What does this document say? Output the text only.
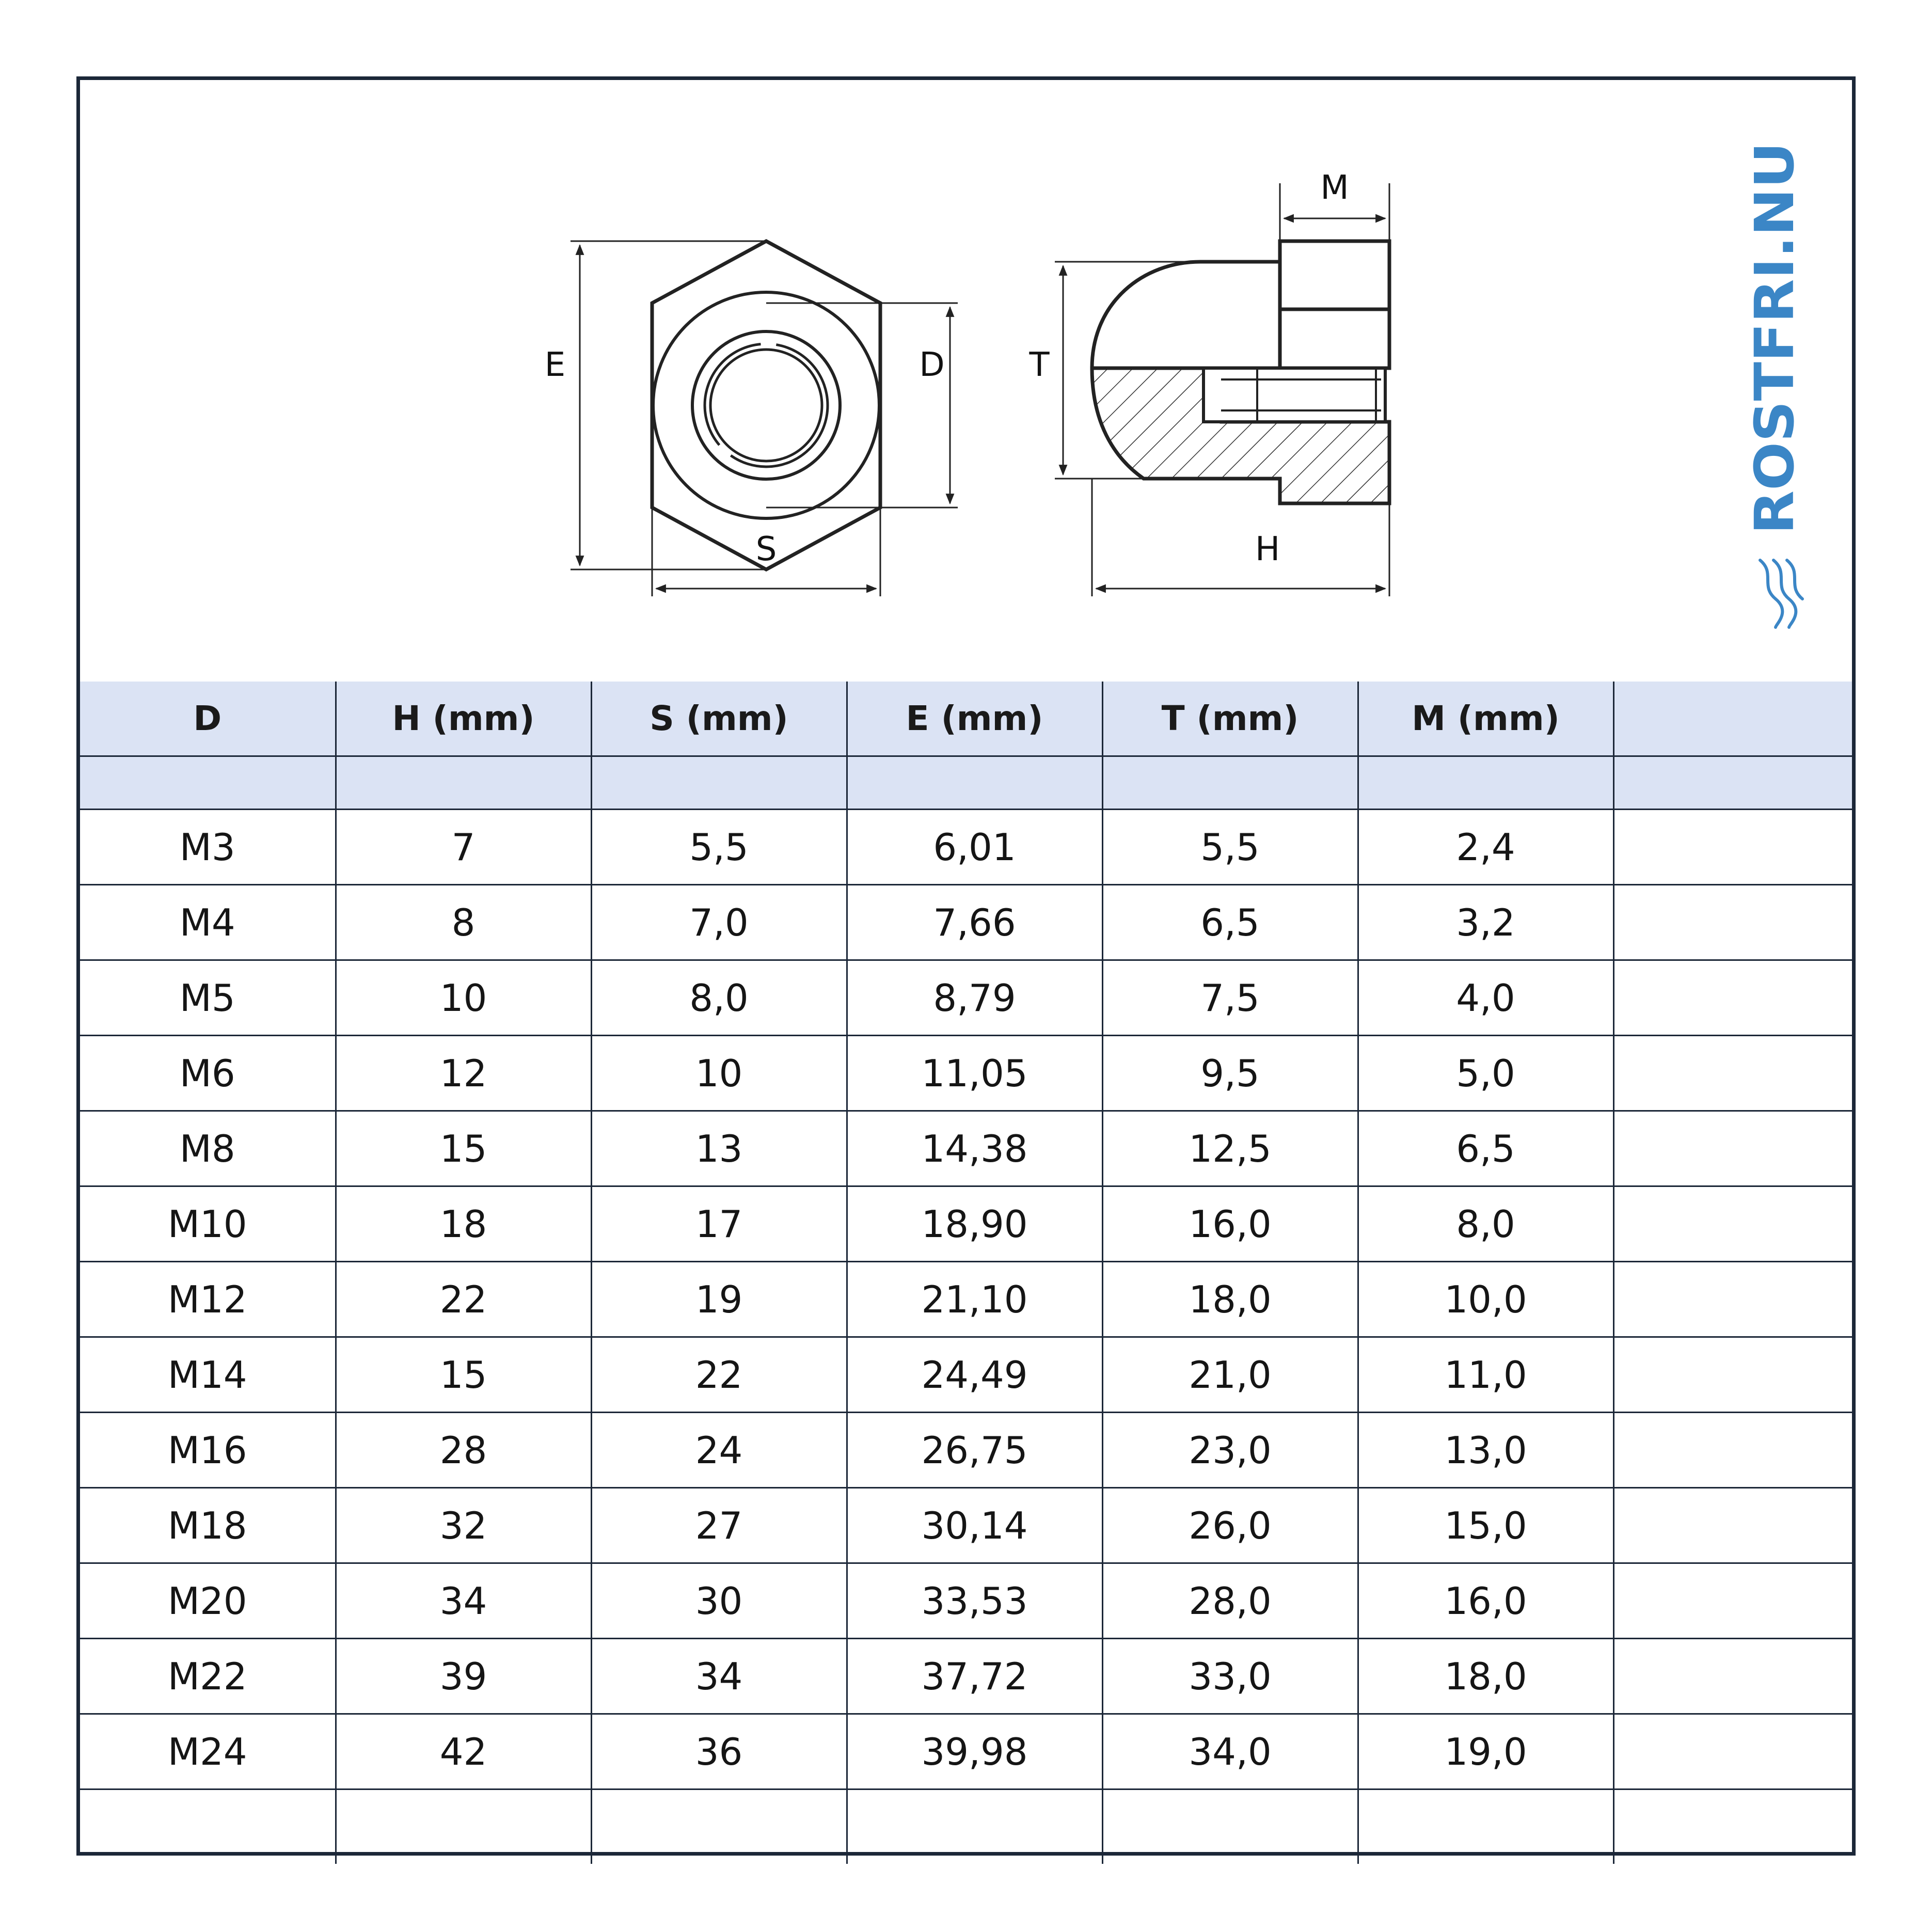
E	D
S
M
T
H
ROSTFRI.NU
D	H (mm)	S (mm)	E (mm)	T (mm)	M (mm)	

M3	7	5,5	6,01	5,5	2,4	
M4	8	7,0	7,66	6,5	3,2	
M5	10	8,0	8,79	7,5	4,0	
M6	12	10	11,05	9,5	5,0	
M8	15	13	14,38	12,5	6,5	
M10	18	17	18,90	16,0	8,0	
M12	22	19	21,10	18,0	10,0	
M14	15	22	24,49	21,0	11,0	
M16	28	24	26,75	23,0	13,0	
M18	32	27	30,14	26,0	15,0	
M20	34	30	33,53	28,0	16,0	
M22	39	34	37,72	33,0	18,0	
M24	42	36	39,98	34,0	19,0	
